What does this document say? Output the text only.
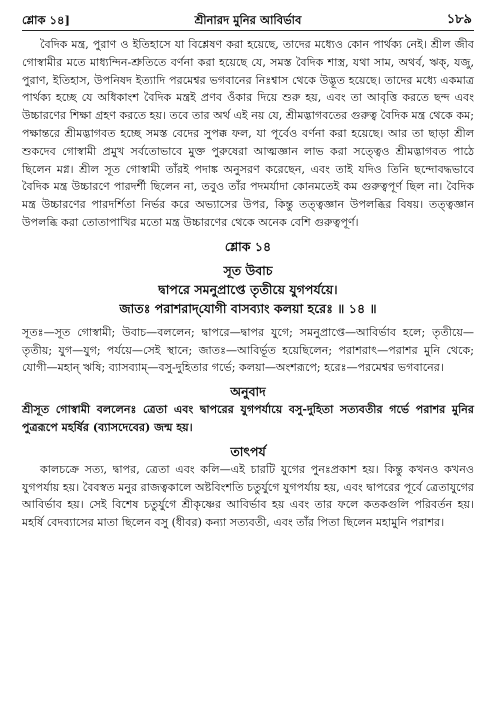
শ্লোক ১৪]	শ্রীনারদ মুনির আবির্ভাব	১৮৯

বৈদিক মন্ত্র, পুরাণ ও ইতিহাসে যা বিশ্লেষণ করা হয়েছে, তাদের মধ্যেও কোন পার্থক্য নেই। শ্রীল জীব গোস্বামীর মতে মাধ্যন্দিন-শ্রুতিতে বর্ণনা করা হয়েছে যে, সমস্ত বৈদিক শাস্ত্র, যথা সাম, অথর্ব, ঋক্‌, যজু, পুরাণ, ইতিহাস, উপনিষদ ইত্যাদি পরমেশ্বর ভগবানের নিঃশ্বাস থেকে উদ্ভূত হয়েছে। তাদের মধ্যে একমাত্র পার্থক্য হচ্ছে যে অধিকাংশ বৈদিক মন্ত্রই প্রণব ওঁকার দিয়ে শুরু হয়, এবং তা আবৃত্তি করতে ছন্দ এবং উচ্চারণের শিক্ষা গ্রহণ করতে হয়। তবে তার অর্থ এই নয় যে, শ্রীমদ্ভাগবতের গুরুত্ব বৈদিক মন্ত্র থেকে কম; পক্ষান্তরে শ্রীমদ্ভাগবত হচ্ছে সমস্ত বেদের সুপক্ক ফল, যা পূর্বেও বর্ণনা করা হয়েছে। আর তা ছাড়া শ্রীল শুকদেব গোস্বামী প্রমুখ সর্বতোভাবে মুক্ত পুরুষেরা আত্মজ্ঞান লাভ করা সত্ত্বেও শ্রীমদ্ভাগবত পাঠে ছিলেন মগ্ন। শ্রীল সূত গোস্বামী তাঁরই পদাঙ্ক অনুসরণ করেছেন, এবং তাই যদিও তিনি ছন্দোবদ্ধভাবে বৈদিক মন্ত্র উচ্চারণে পারদর্শী ছিলেন না, তবুও তাঁর পদমর্যাদা কোনমতেই কম গুরুত্বপূর্ণ ছিল না। বৈদিক মন্ত্র উচ্চারণের পারদর্শিতা নির্ভর করে অভ্যাসের উপর, কিন্তু তত্ত্বজ্ঞান উপলব্ধির বিষয়। তত্ত্বজ্ঞান উপলব্ধি করা তোতাপাখির মতো মন্ত্র উচ্চারণের থেকে অনেক বেশি গুরুত্বপূর্ণ।

শ্লোক ১৪
সূত উবাচ
দ্বাপরে সমনুপ্রাপ্তে তৃতীয়ে যুগপর্যয়ে।
জাতঃ পরাশরাদ্‌যোগী বাসব্যাং কলয়া হরেঃ ॥ ১৪ ॥

সূতঃ—সূত গোস্বামী; উবাচ—বললেন; দ্বাপরে—দ্বাপর যুগে; সমনুপ্রাপ্তে—আবির্ভাব হলে; তৃতীয়ে—তৃতীয়; যুগ—যুগ; পর্যয়ে—সেই স্থানে; জাতঃ—আবির্ভূত হয়েছিলেন; পরাশরাৎ—পরাশর মুনি থেকে; যোগী—মহান্‌ ঋষি; ব্যাসব্যাম্‌—বসু-দুহিতার গর্ভে; কলয়া—অংশরূপে; হরেঃ—পরমেশ্বর ভগবানের।

অনুবাদ

শ্রীসূত গোস্বামী বললেনঃ ত্রেতা এবং দ্বাপরের যুগপর্যায়ে বসু-দুহিতা সত্যবতীর গর্ভে পরাশর মুনির পুত্ররূপে মহর্ষির (ব্যাসদেবের) জন্ম হয়।

তাৎপর্য

কালচক্রে সত্য, দ্বাপর, ত্রেতা এবং কলি—এই চারটি যুগের পুনঃপ্রকাশ হয়। কিন্তু কখনও কখনও যুগপর্যায় হয়। বৈবস্বত মনুর রাজত্বকালে অষ্টবিংশতি চতুর্যুগে যুগপর্যায় হয়, এবং দ্বাপরের পূর্বে ত্রেতাযুগের আবির্ভাব হয়। সেই বিশেষ চতুর্যুগে শ্রীকৃষ্ণের আবির্ভাব হয় এবং তার ফলে কতকগুলি পরিবর্তন হয়। মহর্ষি বেদব্যাসের মাতা ছিলেন বসু (ধীবর) কন্যা সত্যবতী, এবং তাঁর পিতা ছিলেন মহামুনি পরাশর।
